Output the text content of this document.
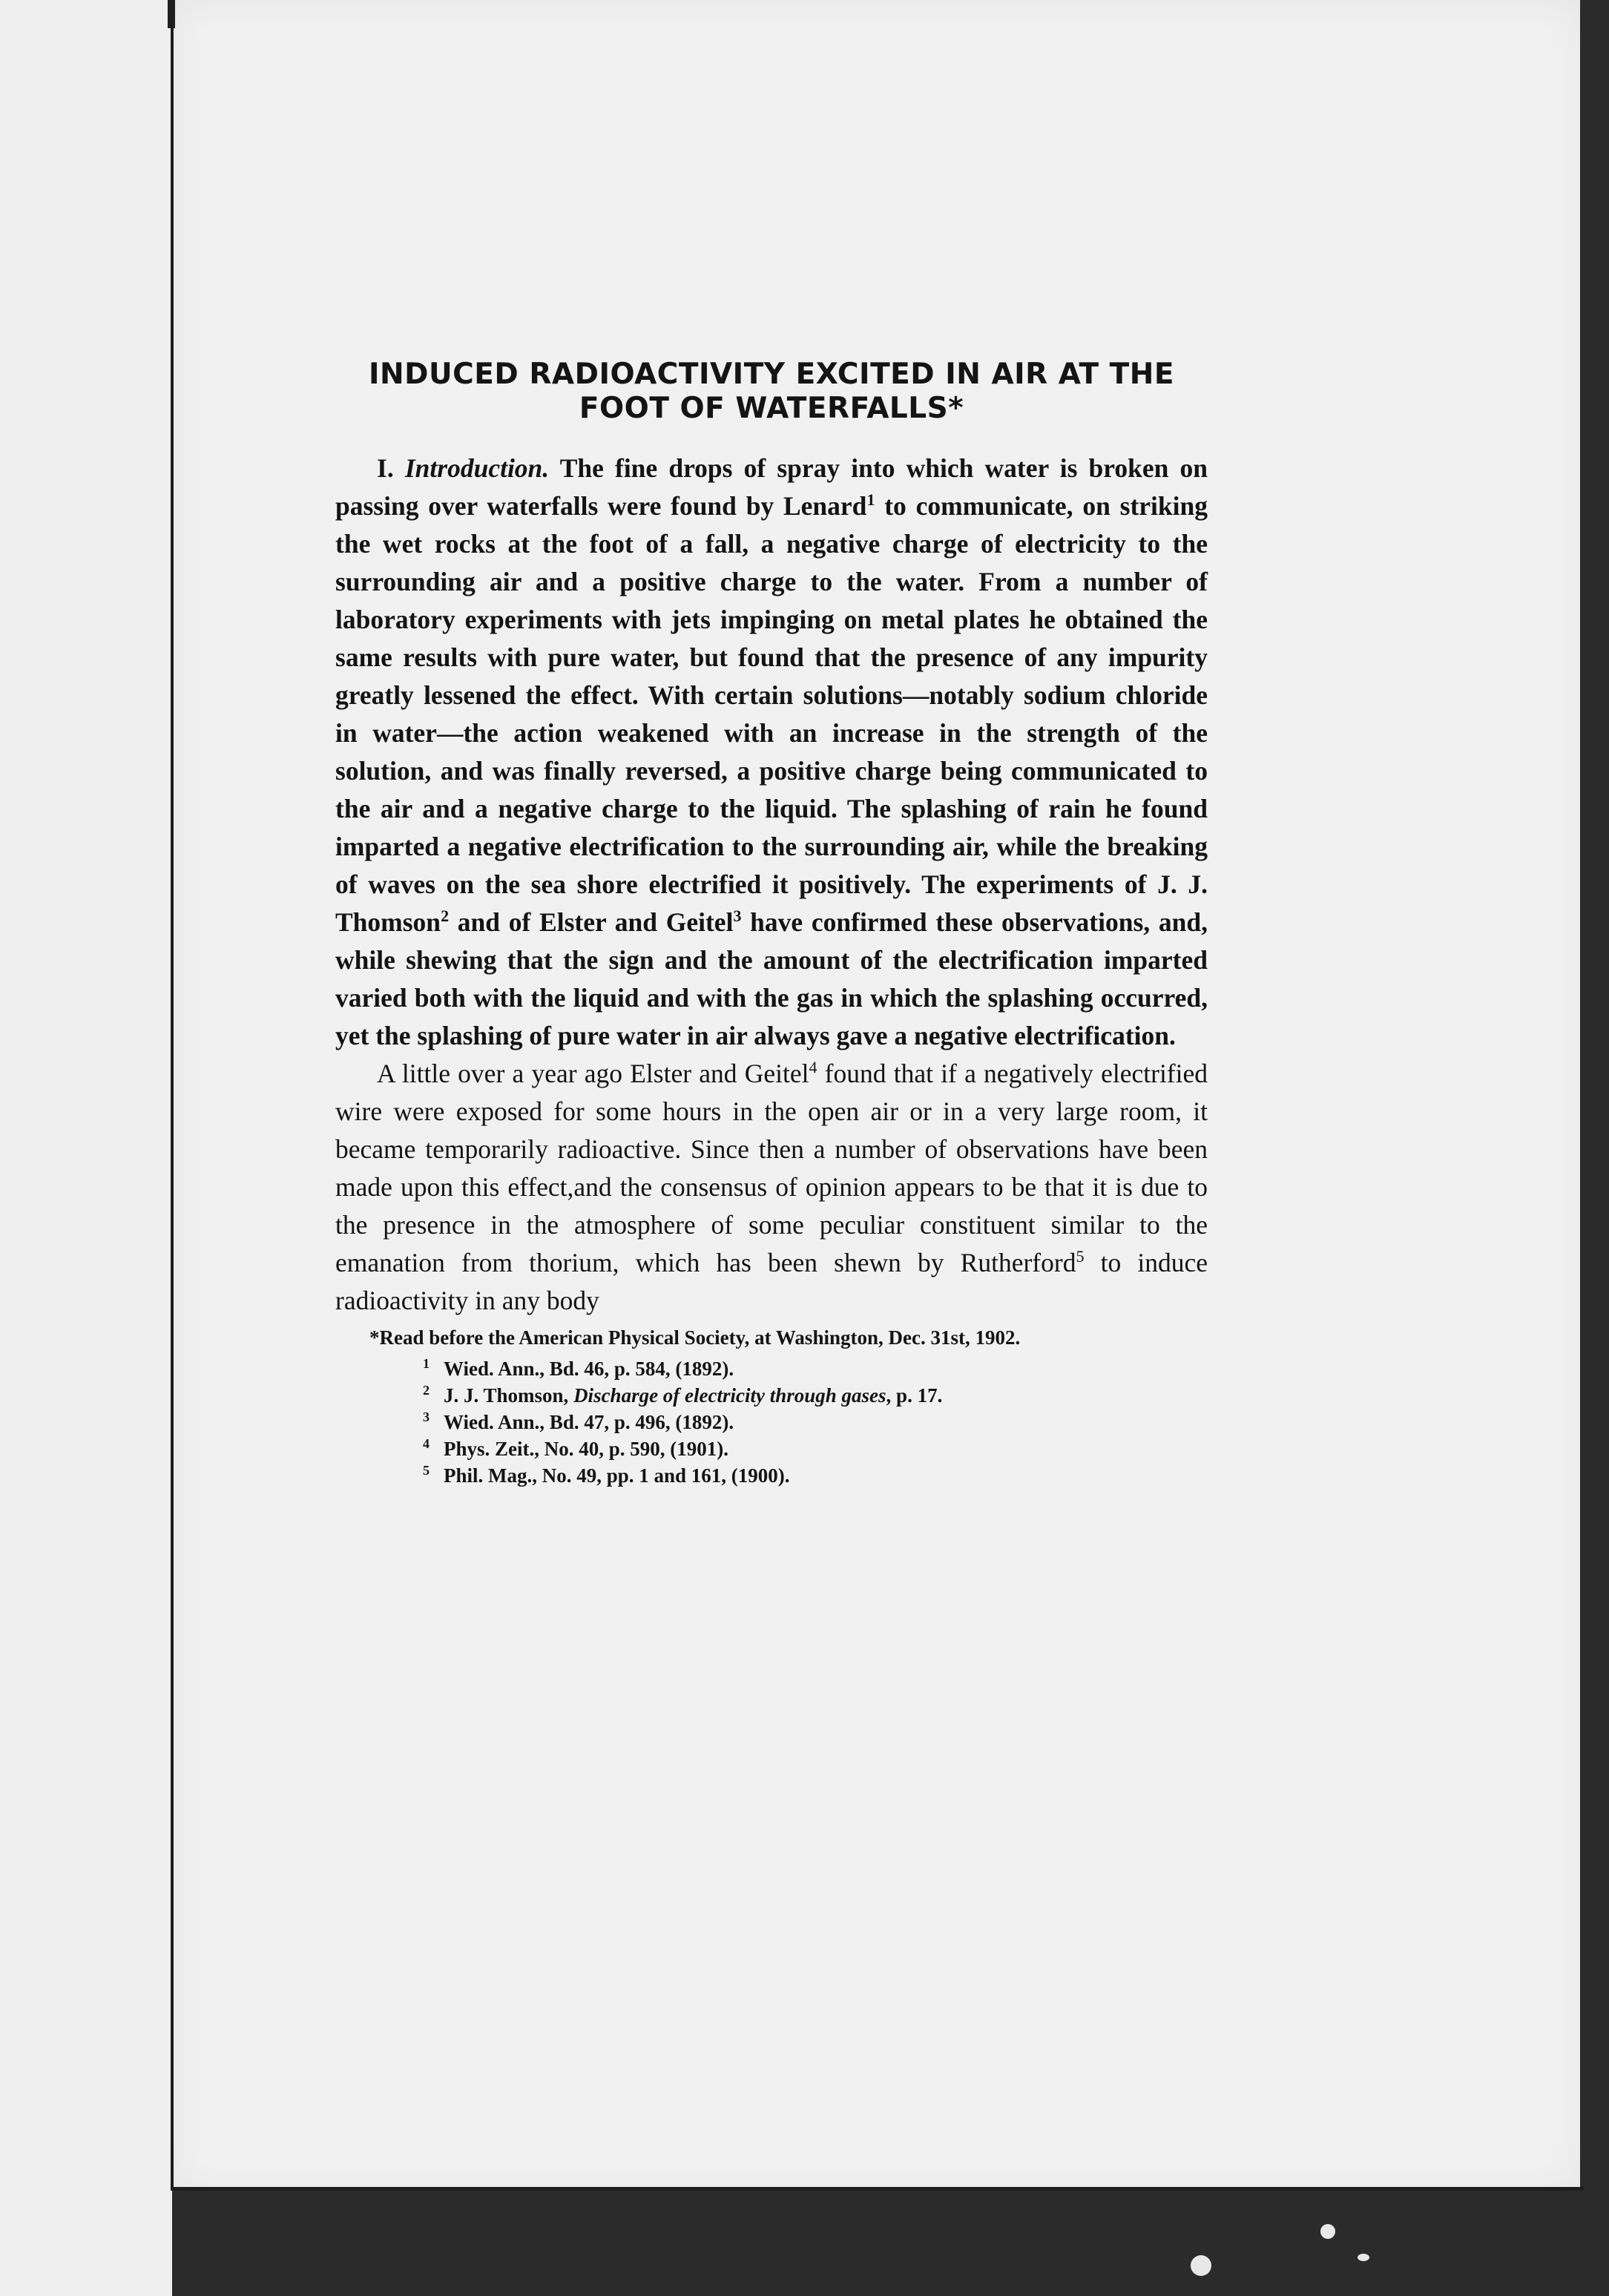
INDUCED RADIOACTIVITY EXCITED IN AIR AT THE
FOOT OF WATERFALLS*

I. Introduction. The fine drops of spray into which water is broken on passing over waterfalls were found by Lenard$^1$ to communicate, on striking the wet rocks at the foot of a fall, a negative charge of electricity to the surrounding air and a positive charge to the water. From a number of laboratory experiments with jets impinging on metal plates he obtained the same results with pure water, but found that the presence of any impurity greatly lessened the effect. With certain solutions—notably sodium chloride in water—the action weakened with an increase in the strength of the solution, and was finally reversed, a positive charge being communicated to the air and a negative charge to the liquid. The splashing of rain he found imparted a negative electrification to the surrounding air, while the breaking of waves on the sea shore electrified it positively. The experiments of J. J. Thomson$^2$ and of Elster and Geitel$^3$ have confirmed these observations, and, while shewing that the sign and the amount of the electrification imparted varied both with the liquid and with the gas in which the splashing occurred, yet the splashing of pure water in air always gave a negative electrification.

A little over a year ago Elster and Geitel$^4$ found that if a negatively electrified wire were exposed for some hours in the open air or in a very large room, it became temporarily radioactive. Since then a number of observations have been made upon this effect,and the consensus of opinion appears to be that it is due to the presence in the atmosphere of some peculiar constituent similar to the emanation from thorium, which has been shewn by Rutherford$^5$ to induce radioactivity in any body

*Read before the American Physical Society, at Washington, Dec. 31st, 1902.

1 Wied. Ann., Bd. 46, p. 584, (1892).
2 J. J. Thomson, Discharge of electricity through gases, p. 17.
3 Wied. Ann., Bd. 47, p. 496, (1892).
4 Phys. Zeit., No. 40, p. 590, (1901).
5 Phil. Mag., No. 49, pp. 1 and 161, (1900).
